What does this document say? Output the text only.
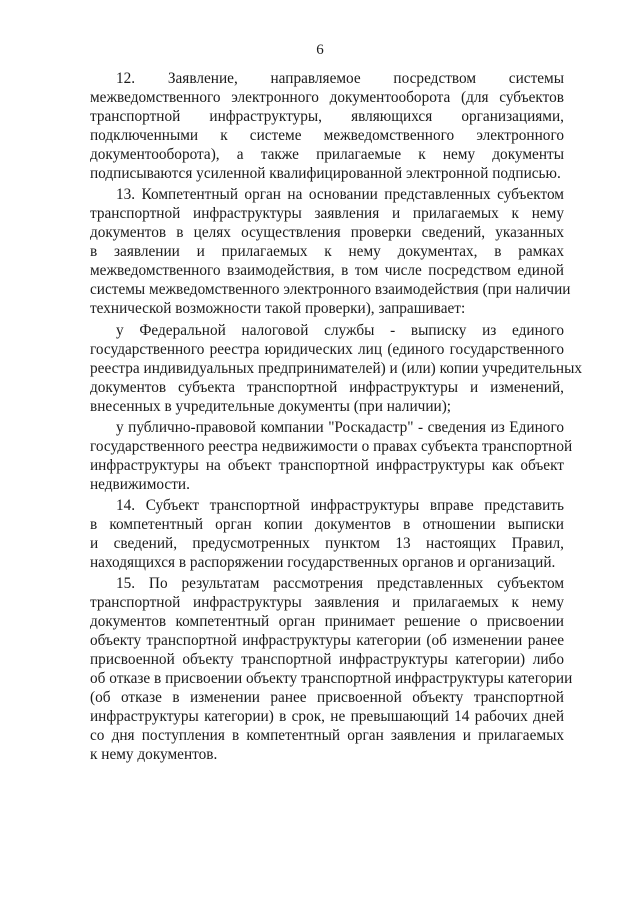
6
12. Заявление, направляемое посредством системы
межведомственного электронного документооборота (для субъектов
транспортной инфраструктуры, являющихся организациями,
подключенными к системе межведомственного электронного
документооборота), а также прилагаемые к нему документы
подписываются усиленной квалифицированной электронной подписью.
13. Компетентный орган на основании представленных субъектом
транспортной инфраструктуры заявления и прилагаемых к нему
документов в целях осуществления проверки сведений, указанных
в заявлении и прилагаемых к нему документах, в рамках
межведомственного взаимодействия, в том числе посредством единой
системы межведомственного электронного взаимодействия (при наличии
технической возможности такой проверки), запрашивает:
у Федеральной налоговой службы - выписку из единого
государственного реестра юридических лиц (единого государственного
реестра индивидуальных предпринимателей) и (или) копии учредительных
документов субъекта транспортной инфраструктуры и изменений,
внесенных в учредительные документы (при наличии);
у публично-правовой компании "Роскадастр" - сведения из Единого
государственного реестра недвижимости о правах субъекта транспортной
инфраструктуры на объект транспортной инфраструктуры как объект
недвижимости.
14. Субъект транспортной инфраструктуры вправе представить
в компетентный орган копии документов в отношении выписки
и сведений, предусмотренных пунктом 13 настоящих Правил,
находящихся в распоряжении государственных органов и организаций.
15. По результатам рассмотрения представленных субъектом
транспортной инфраструктуры заявления и прилагаемых к нему
документов компетентный орган принимает решение о присвоении
объекту транспортной инфраструктуры категории (об изменении ранее
присвоенной объекту транспортной инфраструктуры категории) либо
об отказе в присвоении объекту транспортной инфраструктуры категории
(об отказе в изменении ранее присвоенной объекту транспортной
инфраструктуры категории) в срок, не превышающий 14 рабочих дней
со дня поступления в компетентный орган заявления и прилагаемых
к нему документов.
